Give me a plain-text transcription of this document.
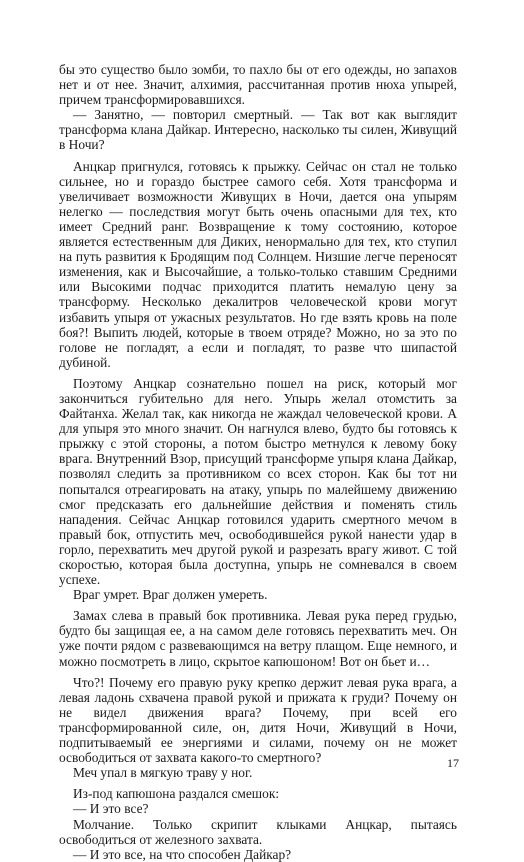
бы это существо было зомби, то пахло бы от его одежды, но запахов нет и от нее. Значит, алхимия, рассчитанная против нюха упырей, причем трансформировавшихся.

— Занятно, — повторил смертный. — Так вот как выглядит трансформа клана Дайкар. Интересно, насколько ты силен, Живущий в Ночи?

Анцкар пригнулся, готовясь к прыжку. Сейчас он стал не только сильнее, но и гораздо быстрее самого себя. Хотя трансформа и увеличивает возможности Живущих в Ночи, дается она упырям нелегко — последствия могут быть очень опасными для тех, кто имеет Средний ранг. Возвращение к тому состоянию, которое является естественным для Диких, ненормально для тех, кто ступил на путь развития к Бродящим под Солнцем. Низшие легче переносят изменения, как и Высочайшие, а только-только ставшим Средними или Высокими подчас приходится платить немалую цену за трансформу. Несколько декалитров человеческой крови могут избавить упыря от ужасных результатов. Но где взять кровь на поле боя?! Выпить людей, которые в твоем отряде? Можно, но за это по голове не погладят, а если и погладят, то разве что шипастой дубиной.

Поэтому Анцкар сознательно пошел на риск, который мог закончиться губительно для него. Упырь желал отомстить за Файтанха. Желал так, как никогда не жаждал человеческой крови. А для упыря это много значит. Он нагнулся влево, будто бы готовясь к прыжку с этой стороны, а потом быстро метнулся к левому боку врага. Внутренний Взор, присущий трансформе упыря клана Дайкар, позволял следить за противником со всех сторон. Как бы тот ни попытался отреагировать на атаку, упырь по малейшему движению смог предсказать его дальнейшие действия и поменять стиль нападения. Сейчас Анцкар готовился ударить смертного мечом в правый бок, отпустить меч, освободившейся рукой нанести удар в горло, перехватить меч другой рукой и разрезать врагу живот. С той скоростью, которая была доступна, упырь не сомневался в своем успехе.

Враг умрет. Враг должен умереть.

Замах слева в правый бок противника. Левая рука перед грудью, будто бы защищая ее, а на самом деле готовясь перехватить меч. Он уже почти рядом с развевающимся на ветру плащом. Еще немного, и можно посмотреть в лицо, скрытое капюшоном! Вот он бьет и…

Что?! Почему его правую руку крепко держит левая рука врага, а левая ладонь схвачена правой рукой и прижата к груди? Почему он не видел движения врага? Почему, при всей его трансформированной силе, он, дитя Ночи, Живущий в Ночи, подпитываемый ее энергиями и силами, почему он не может освободиться от захвата какого-то смертного?

Меч упал в мягкую траву у ног.

Из-под капюшона раздался смешок:

— И это все?

Молчание. Только скрипит клыками Анцкар, пытаясь освободиться от железного захвата.

— И это все, на что способен Дайкар?

17
